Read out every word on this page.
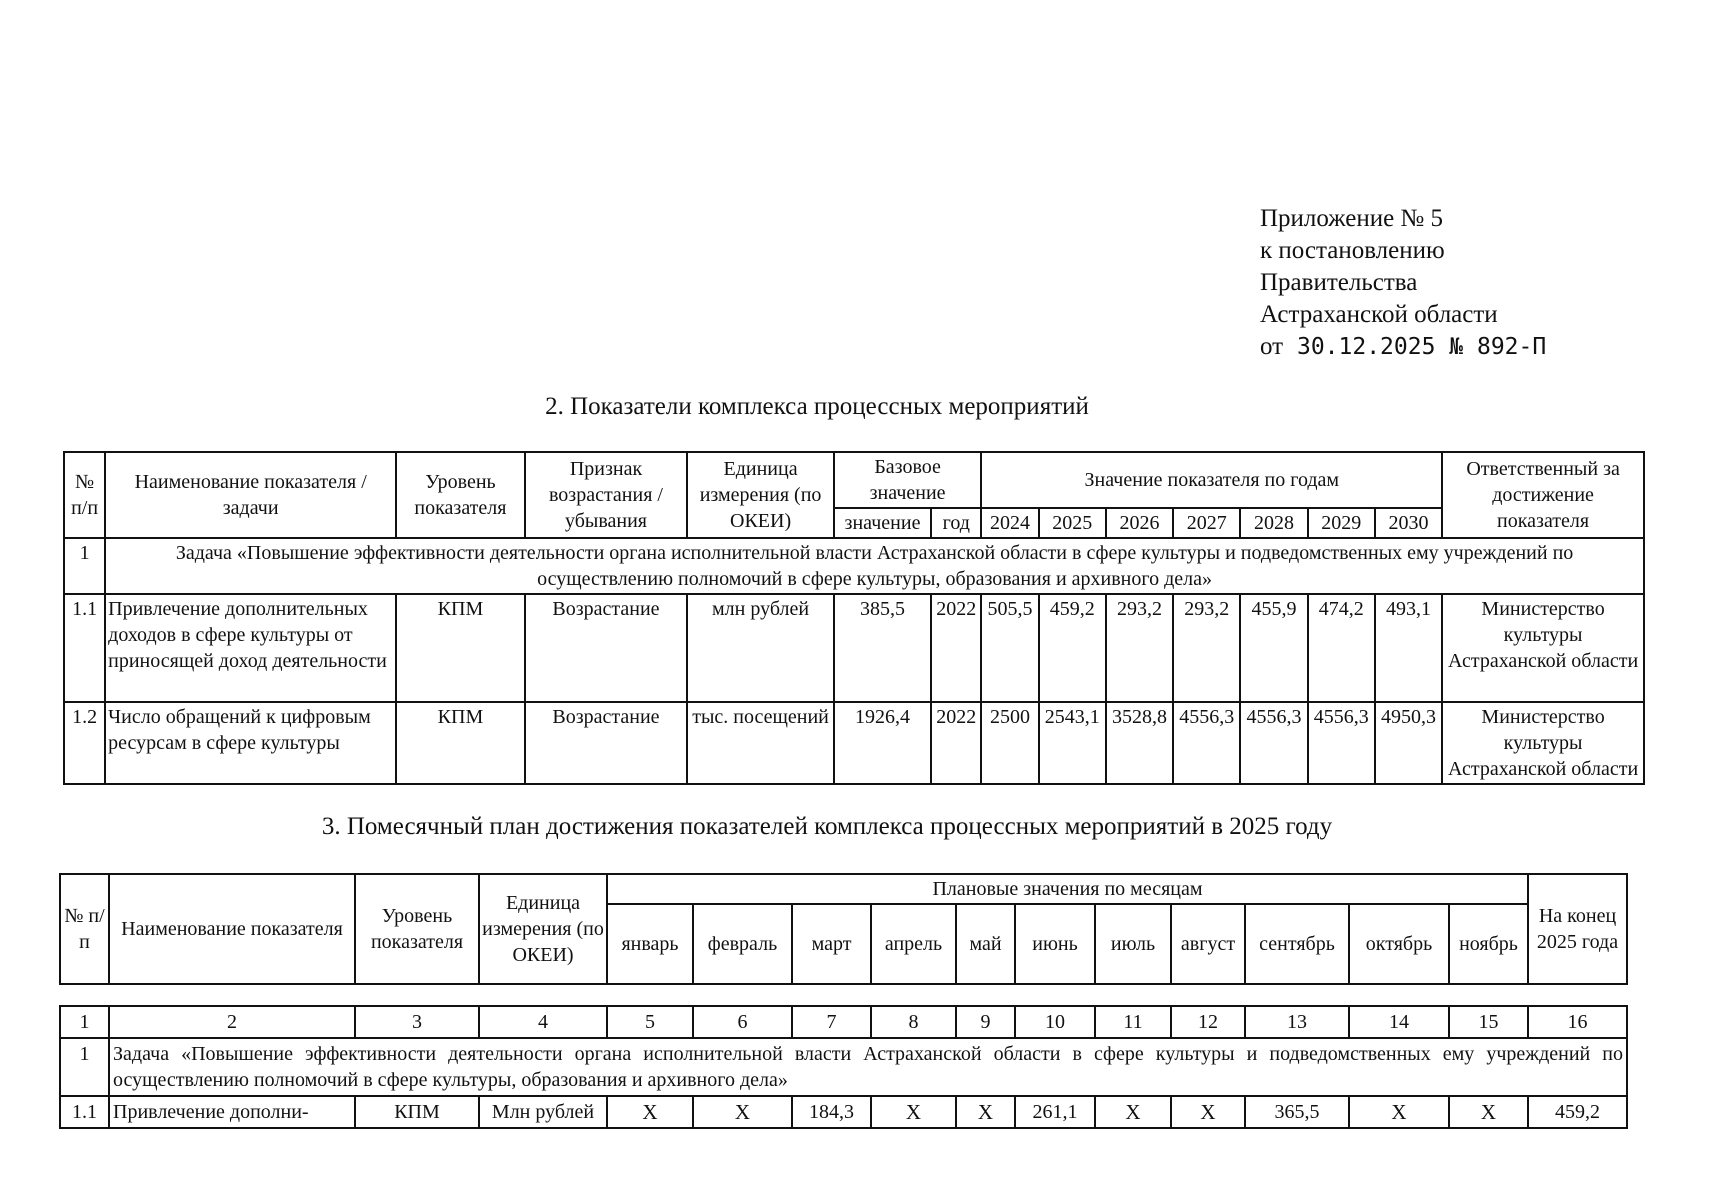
Приложение № 5
к постановлению
Правительства
Астраханской области
от 30.12.2025 № 892-П
2. Показатели комплекса процессных мероприятий
№ п/п	Наименование показателя / задачи	Уровень показателя	Признак возрастания / убывания	Единица измерения (по ОКЕИ)	Базовое значение		Значение показателя по годам							Ответственный за достижение показателя
					значение	год	2024	2025	2026	2027	2028	2029	2030	
1	Задача «Повышение эффективности деятельности органа исполнительной власти Астраханской области в сфере культуры и подведомственных ему учреждений по осуществлению полномочий в сфере культуры, образования и архивного дела»													
1.1	Привлечение дополнительных доходов в сфере культуры от приносящей доход деятельности	КПМ	Возрастание	млн рублей	385,5	2022	505,5	459,2	293,2	293,2	455,9	474,2	493,1	Министерство культуры Астраханской области
1.2	Число обращений к цифровым ресурсам в сфере культуры	КПМ	Возрастание	тыс. посещений	1926,4	2022	2500	2543,1	3528,8	4556,3	4556,3	4556,3	4950,3	Министерство культуры Астраханской области
3. Помесячный план достижения показателей комплекса процессных мероприятий в 2025 году
№ п/п	Наименование показателя	Уровень показателя	Единица измерения (по ОКЕИ)	Плановые значения по месяцам											На конец 2025 года
				январь	февраль	март	апрель	май	июнь	июль	август	сентябрь	октябрь	ноябрь	
1	2	3	4	5	6	7	8	9	10	11	12	13	14	15	16
1	Задача «Повышение эффективности деятельности органа исполнительной власти Астраханской области в сфере культуры и подведомственных ему учреждений по осуществлению полномочий в сфере культуры, образования и архивного дела»														
1.1	Привлечение дополни-	КПМ	Млн рублей	Х	Х	184,3	Х	Х	261,1	Х	Х	365,5	Х	Х	459,2
